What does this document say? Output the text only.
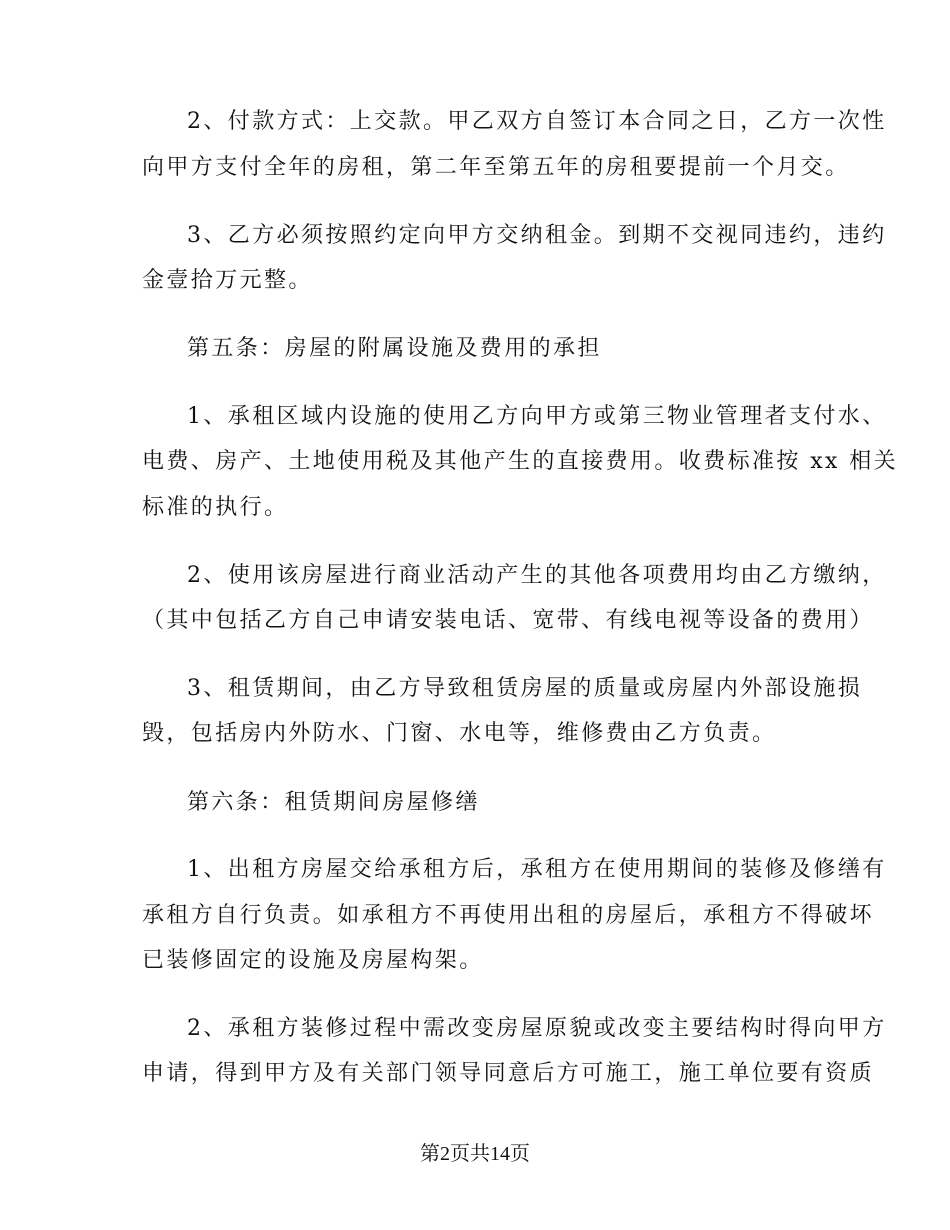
2、付款方式：上交款。甲乙双方自签订本合同之日，乙方一次性
向甲方支付全年的房租，第二年至第五年的房租要提前一个月交。
3、乙方必须按照约定向甲方交纳租金。到期不交视同违约，违约
金壹拾万元整。
第五条：房屋的附属设施及费用的承担
1、承租区域内设施的使用乙方向甲方或第三物业管理者支付水、
电费、房产、土地使用税及其他产生的直接费用。收费标准按 xx 相关
标准的执行。
2、使用该房屋进行商业活动产生的其他各项费用均由乙方缴纳，
（其中包括乙方自己申请安装电话、宽带、有线电视等设备的费用）
3、租赁期间，由乙方导致租赁房屋的质量或房屋内外部设施损
毁，包括房内外防水、门窗、水电等，维修费由乙方负责。
第六条：租赁期间房屋修缮
1、出租方房屋交给承租方后，承租方在使用期间的装修及修缮有
承租方自行负责。如承租方不再使用出租的房屋后，承租方不得破坏
已装修固定的设施及房屋构架。
2、承租方装修过程中需改变房屋原貌或改变主要结构时得向甲方
申请，得到甲方及有关部门领导同意后方可施工，施工单位要有资质
第2页共14页
